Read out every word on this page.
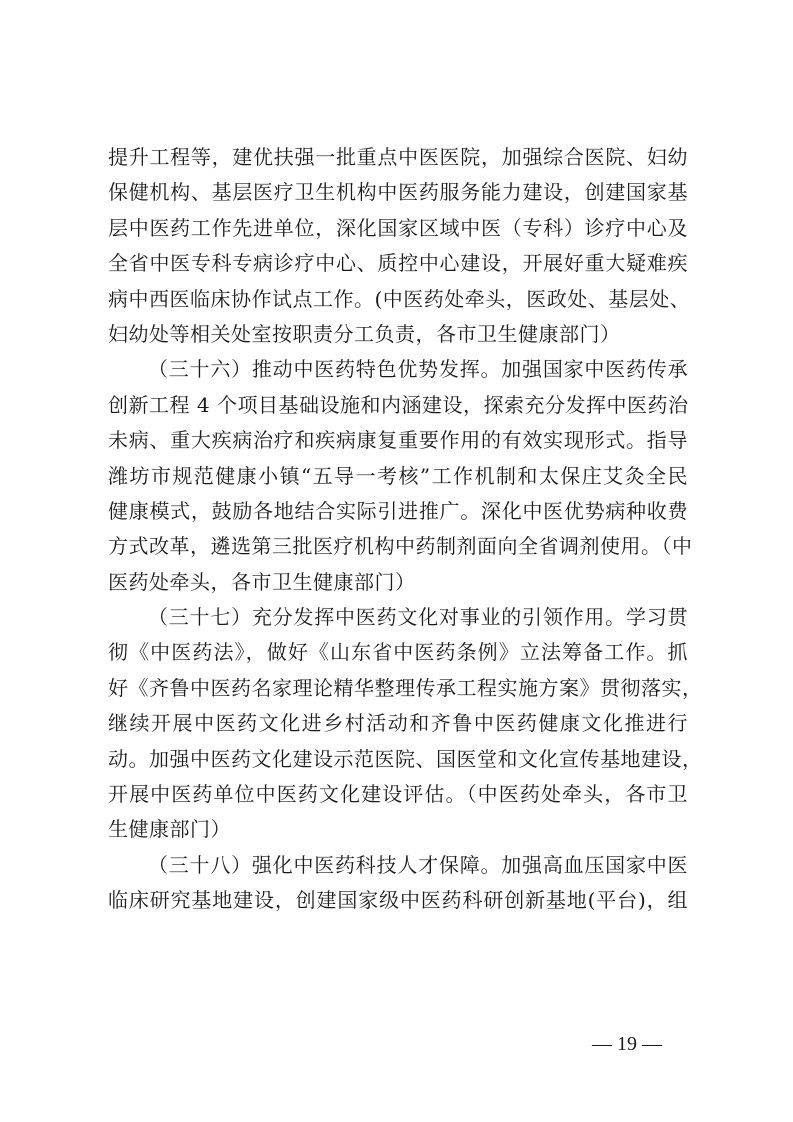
提升工程等，建优扶强一批重点中医医院，加强综合医院、妇幼
保健机构、基层医疗卫生机构中医药服务能力建设，创建国家基
层中医药工作先进单位，深化国家区域中医（专科）诊疗中心及
全省中医专科专病诊疗中心、质控中心建设，开展好重大疑难疾
病中西医临床协作试点工作。(中医药处牵头，医政处、基层处、
妇幼处等相关处室按职责分工负责，各市卫生健康部门）
（三十六）推动中医药特色优势发挥。加强国家中医药传承
创新工程 4 个项目基础设施和内涵建设，探索充分发挥中医药治
未病、重大疾病治疗和疾病康复重要作用的有效实现形式。指导
潍坊市规范健康小镇“五导一考核”工作机制和太保庄艾灸全民
健康模式，鼓励各地结合实际引进推广。深化中医优势病种收费
方式改革，遴选第三批医疗机构中药制剂面向全省调剂使用。（中
医药处牵头，各市卫生健康部门）
（三十七）充分发挥中医药文化对事业的引领作用。学习贯
彻《中医药法》，做好《山东省中医药条例》立法筹备工作。抓
好《齐鲁中医药名家理论精华整理传承工程实施方案》贯彻落实，
继续开展中医药文化进乡村活动和齐鲁中医药健康文化推进行
动。加强中医药文化建设示范医院、国医堂和文化宣传基地建设，
开展中医药单位中医药文化建设评估。（中医药处牵头，各市卫
生健康部门）
（三十八）强化中医药科技人才保障。加强高血压国家中医
临床研究基地建设，创建国家级中医药科研创新基地(平台)，组
— 19 —
